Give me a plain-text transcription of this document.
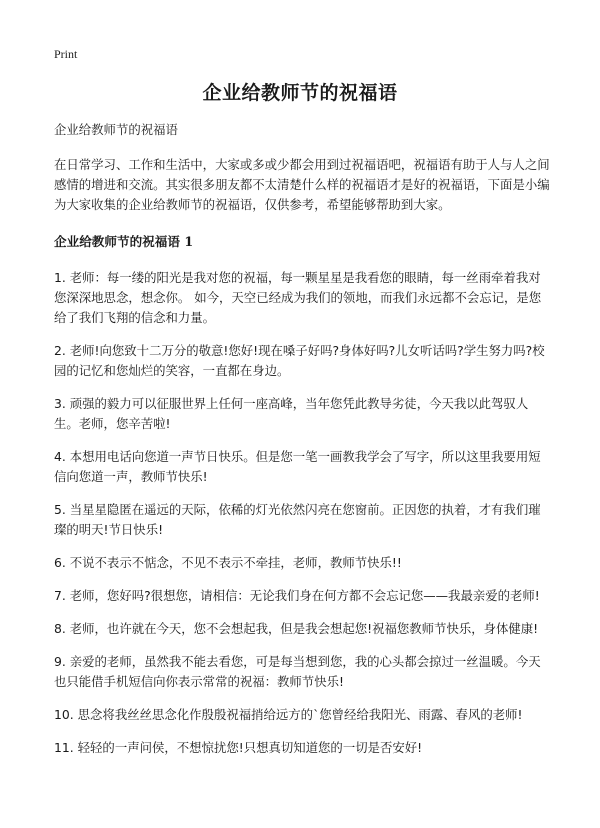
Print
企业给教师节的祝福语

企业给教师节的祝福语

在日常学习、工作和生活中，大家或多或少都会用到过祝福语吧，祝福语有助于人与人之间感情的增进和交流。其实很多朋友都不太清楚什么样的祝福语才是好的祝福语，下面是小编为大家收集的企业给教师节的祝福语，仅供参考，希望能够帮助到大家。

企业给教师节的祝福语 1
1. 老师：每一缕的阳光是我对您的祝福，每一颗星星是我看您的眼睛，每一丝雨牵着我对您深深地思念，想念你。 如今，天空已经成为我们的领地，而我们永远都不会忘记，是您给了我们飞翔的信念和力量。
2. 老师!向您致十二万分的敬意!您好!现在嗓子好吗?身体好吗?儿女听话吗?学生努力吗?校园的记忆和您灿烂的笑容，一直都在身边。
3. 顽强的毅力可以征服世界上任何一座高峰，当年您凭此教导劣徒，今天我以此驾驭人生。老师，您辛苦啦!
4. 本想用电话向您道一声节日快乐。但是您一笔一画教我学会了写字，所以这里我要用短信向您道一声，教师节快乐!
5. 当星星隐匿在遥远的天际，依稀的灯光依然闪亮在您窗前。正因您的执着，才有我们璀璨的明天!节日快乐!
6. 不说不表示不惦念，不见不表示不牵挂，老师，教师节快乐!!
7. 老师，您好吗?很想您，请相信：无论我们身在何方都不会忘记您——我最亲爱的老师!
8. 老师，也许就在今天，您不会想起我，但是我会想起您!祝福您教师节快乐，身体健康!
9. 亲爱的老师，虽然我不能去看您，可是每当想到您，我的心头都会掠过一丝温暖。今天也只能借手机短信向你表示常常的祝福：教师节快乐!
10. 思念将我丝丝思念化作殷殷祝福捎给远方的`您曾经给我阳光、雨露、春风的老师!
11. 轻轻的一声问侯，不想惊扰您!只想真切知道您的一切是否安好!
